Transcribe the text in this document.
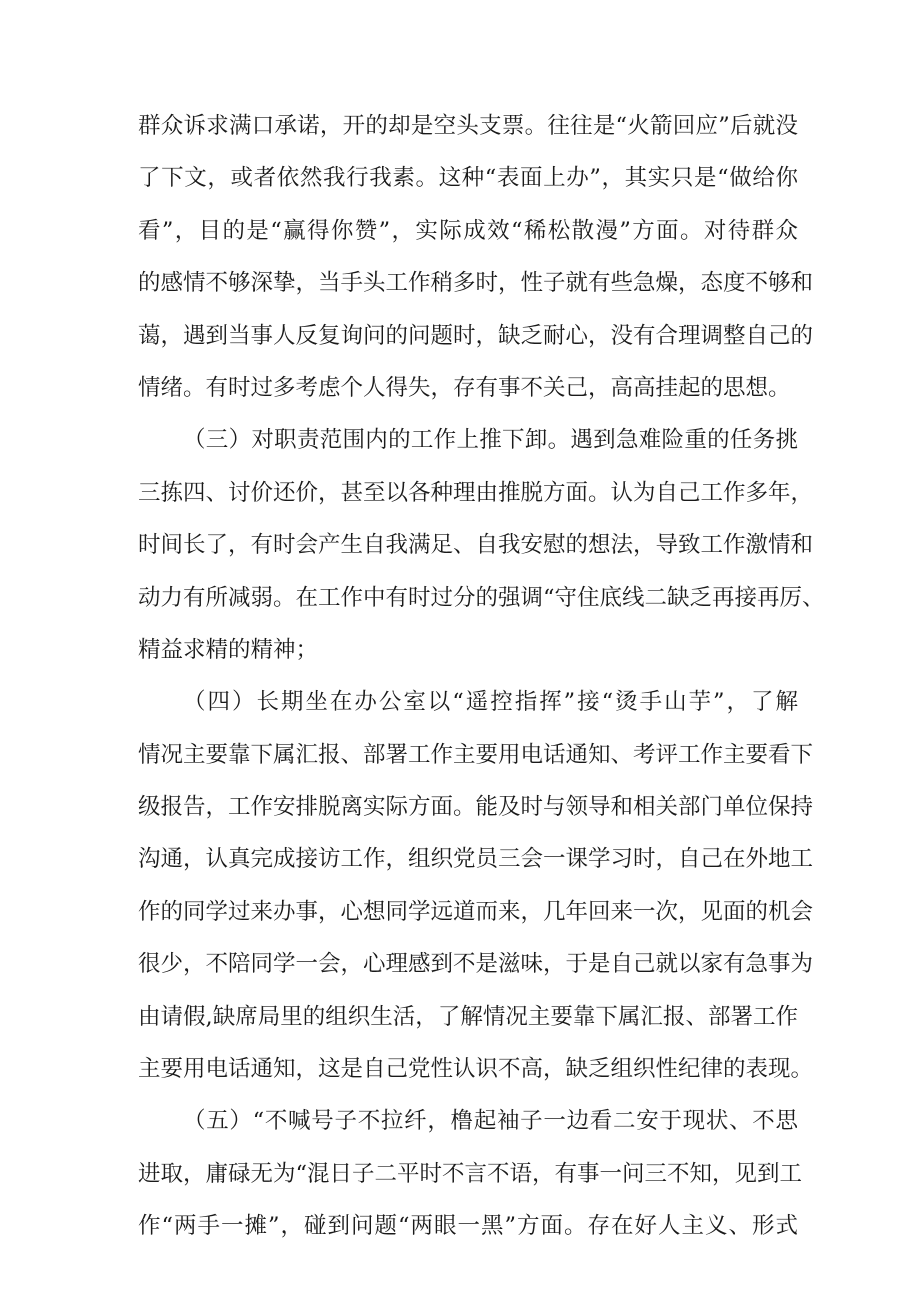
群众诉求满口承诺，开的却是空头支票。往往是“火箭回应”后就没
了下文，或者依然我行我素。这种“表面上办”，其实只是“做给你
看”，目的是“赢得你赞”，实际成效“稀松散漫”方面。对待群众
的感情不够深挚，当手头工作稍多时，性子就有些急燥，态度不够和
蔼，遇到当事人反复询问的问题时，缺乏耐心，没有合理调整自己的
情绪。有时过多考虑个人得失，存有事不关己，高高挂起的思想。
（三）对职责范围内的工作上推下卸。遇到急难险重的任务挑
三拣四、讨价还价，甚至以各种理由推脱方面。认为自己工作多年，
时间长了，有时会产生自我满足、自我安慰的想法，导致工作激情和
动力有所减弱。在工作中有时过分的强调“守住底线二缺乏再接再厉、
精益求精的精神；
（四）长期坐在办公室以“遥控指挥”接“烫手山芋”，了解
情况主要靠下属汇报、部署工作主要用电话通知、考评工作主要看下
级报告，工作安排脱离实际方面。能及时与领导和相关部门单位保持
沟通，认真完成接访工作，组织党员三会一课学习时，自己在外地工
作的同学过来办事，心想同学远道而来，几年回来一次，见面的机会
很少，不陪同学一会，心理感到不是滋味，于是自己就以家有急事为
由请假,缺席局里的组织生活，了解情况主要靠下属汇报、部署工作
主要用电话通知，这是自己党性认识不高，缺乏组织性纪律的表现。
（五）“不喊号子不拉纤，橹起袖子一边看二安于现状、不思
进取，庸碌无为“混日子二平时不言不语，有事一问三不知，见到工
作“两手一摊”，碰到问题“两眼一黑”方面。存在好人主义、形式
